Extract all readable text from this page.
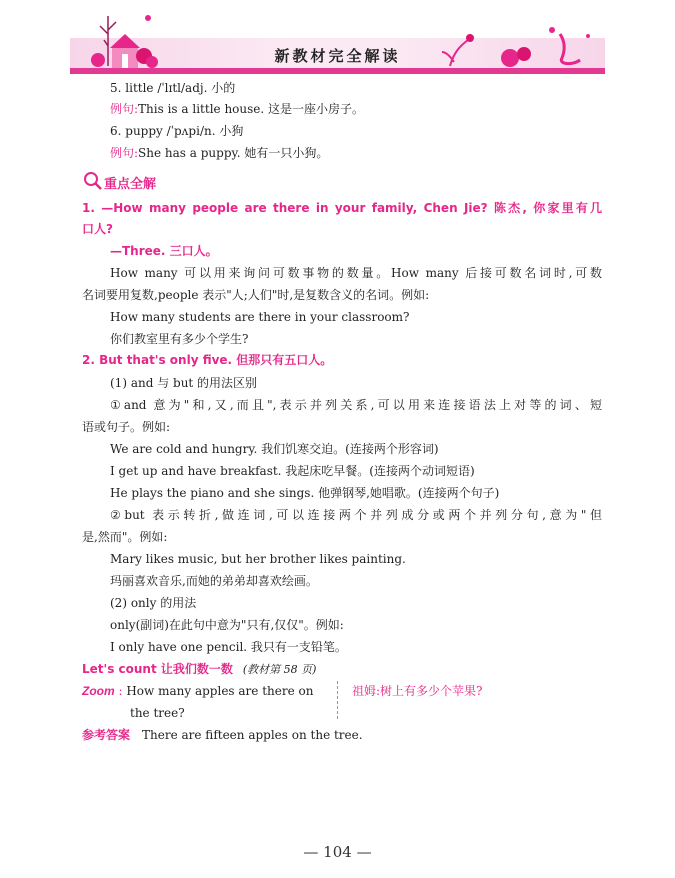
新教材完全解读
5. little /ˈlɪtl/adj. 小的
例句:This is a little house. 这是一座小房子。
6. puppy /ˈpʌpi/n. 小狗
例句:She has a puppy. 她有一只小狗。
重点全解
1. —How many people are there in your family, Chen Jie? 陈杰, 你家里有几
口人?
—Three. 三口人。
How many 可以用来询问可数事物的数量。How many 后接可数名词时,可数
名词要用复数,people 表示"人;人们"时,是复数含义的名词。例如:
How many students are there in your classroom?
你们教室里有多少个学生?
2. But that's only five. 但那只有五口人。
(1) and 与 but 的用法区别
①and 意为"和,又,而且",表示并列关系,可以用来连接语法上对等的词、短
语或句子。例如:
We are cold and hungry. 我们饥寒交迫。(连接两个形容词)
I get up and have breakfast. 我起床吃早餐。(连接两个动词短语)
He plays the piano and she sings. 他弹钢琴,她唱歌。(连接两个句子)
②but 表示转折,做连词,可以连接两个并列成分或两个并列分句,意为"但
是,然而"。例如:
Mary likes music, but her brother likes painting.
玛丽喜欢音乐,而她的弟弟却喜欢绘画。
(2) only 的用法
only(副词)在此句中意为"只有,仅仅"。例如:
I only have one pencil. 我只有一支铅笔。
Let's count 让我们数一数 (教材第 58 页)
Zoom : How many apples are there on
the tree?
祖姆:树上有多少个苹果?
参考答案 There are fifteen apples on the tree.
— 104 —
